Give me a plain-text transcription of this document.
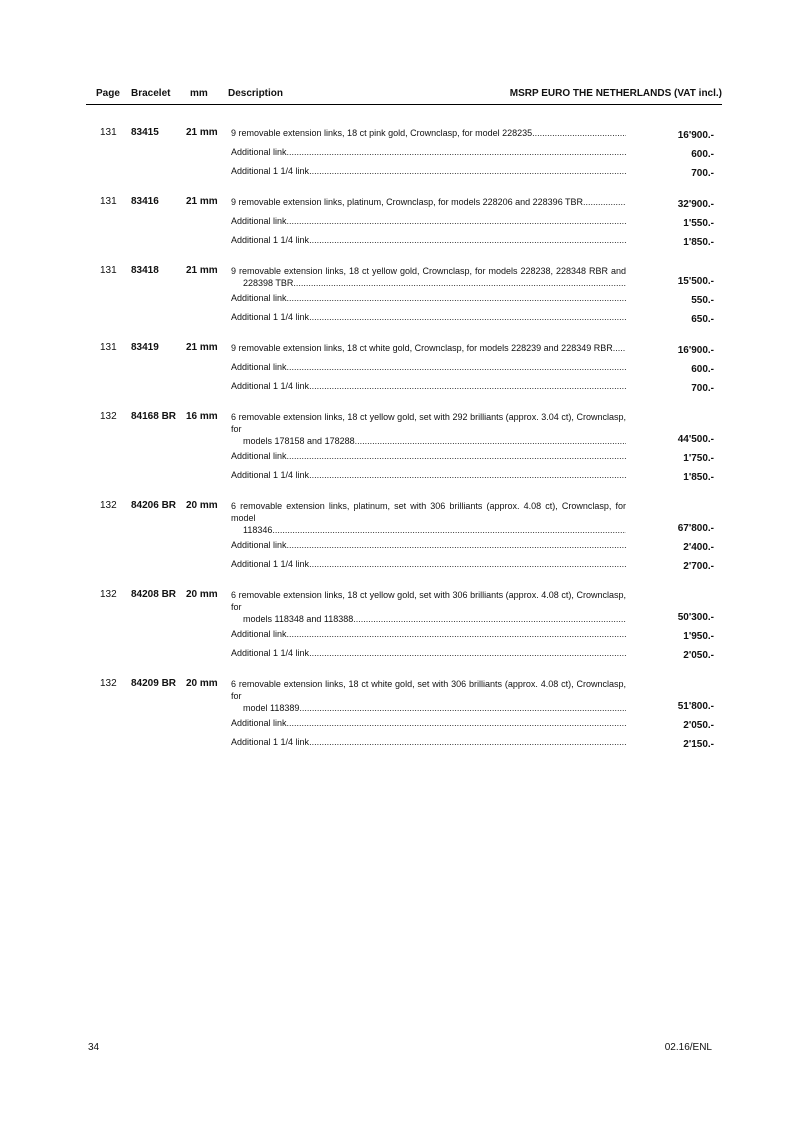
Page Bracelet mm Description	MSRP EURO THE NETHERLANDS (VAT incl.)
131 83415	21 mm 9 removable extension links, 18 ct pink gold, Crownclasp, for model 228235 .....	16'900.-
Additional link .....	600.-
Additional 1 1/4 link .....	700.-
131 83416	21 mm 9 removable extension links, platinum, Crownclasp, for models 228206 and 228396 TBR .....	32'900.-
Additional link .....	1'550.-
Additional 1 1/4 link .....	1'850.-
131 83418	21 mm 9 removable extension links, 18 ct yellow gold, Crownclasp, for models 228238, 228348 RBR and
228398 TBR .....	15'500.-
Additional link .....	550.-
Additional 1 1/4 link .....	650.-
131 83419	21 mm 9 removable extension links, 18 ct white gold, Crownclasp, for models 228239 and 228349 RBR .....	16'900.-
Additional link .....	600.-
Additional 1 1/4 link .....	700.-
132 84168 BR 16 mm 6 removable extension links, 18 ct yellow gold, set with 292 brilliants (approx. 3.04 ct), Crownclasp, for
models 178158 and 178288 .....	44'500.-
Additional link .....	1'750.-
Additional 1 1/4 link .....	1'850.-
132 84206 BR 20 mm 6 removable extension links, platinum, set with 306 brilliants (approx. 4.08 ct), Crownclasp, for model
118346 .....	67'800.-
Additional link .....	2'400.-
Additional 1 1/4 link .....	2'700.-
132 84208 BR 20 mm 6 removable extension links, 18 ct yellow gold, set with 306 brilliants (approx. 4.08 ct), Crownclasp, for
models 118348 and 118388 .....	50'300.-
Additional link .....	1'950.-
Additional 1 1/4 link .....	2'050.-
132 84209 BR 20 mm 6 removable extension links, 18 ct white gold, set with 306 brilliants (approx. 4.08 ct), Crownclasp, for
model 118389 .....	51'800.-
Additional link .....	2'050.-
Additional 1 1/4 link .....	2'150.-
34	02.16/ENL
